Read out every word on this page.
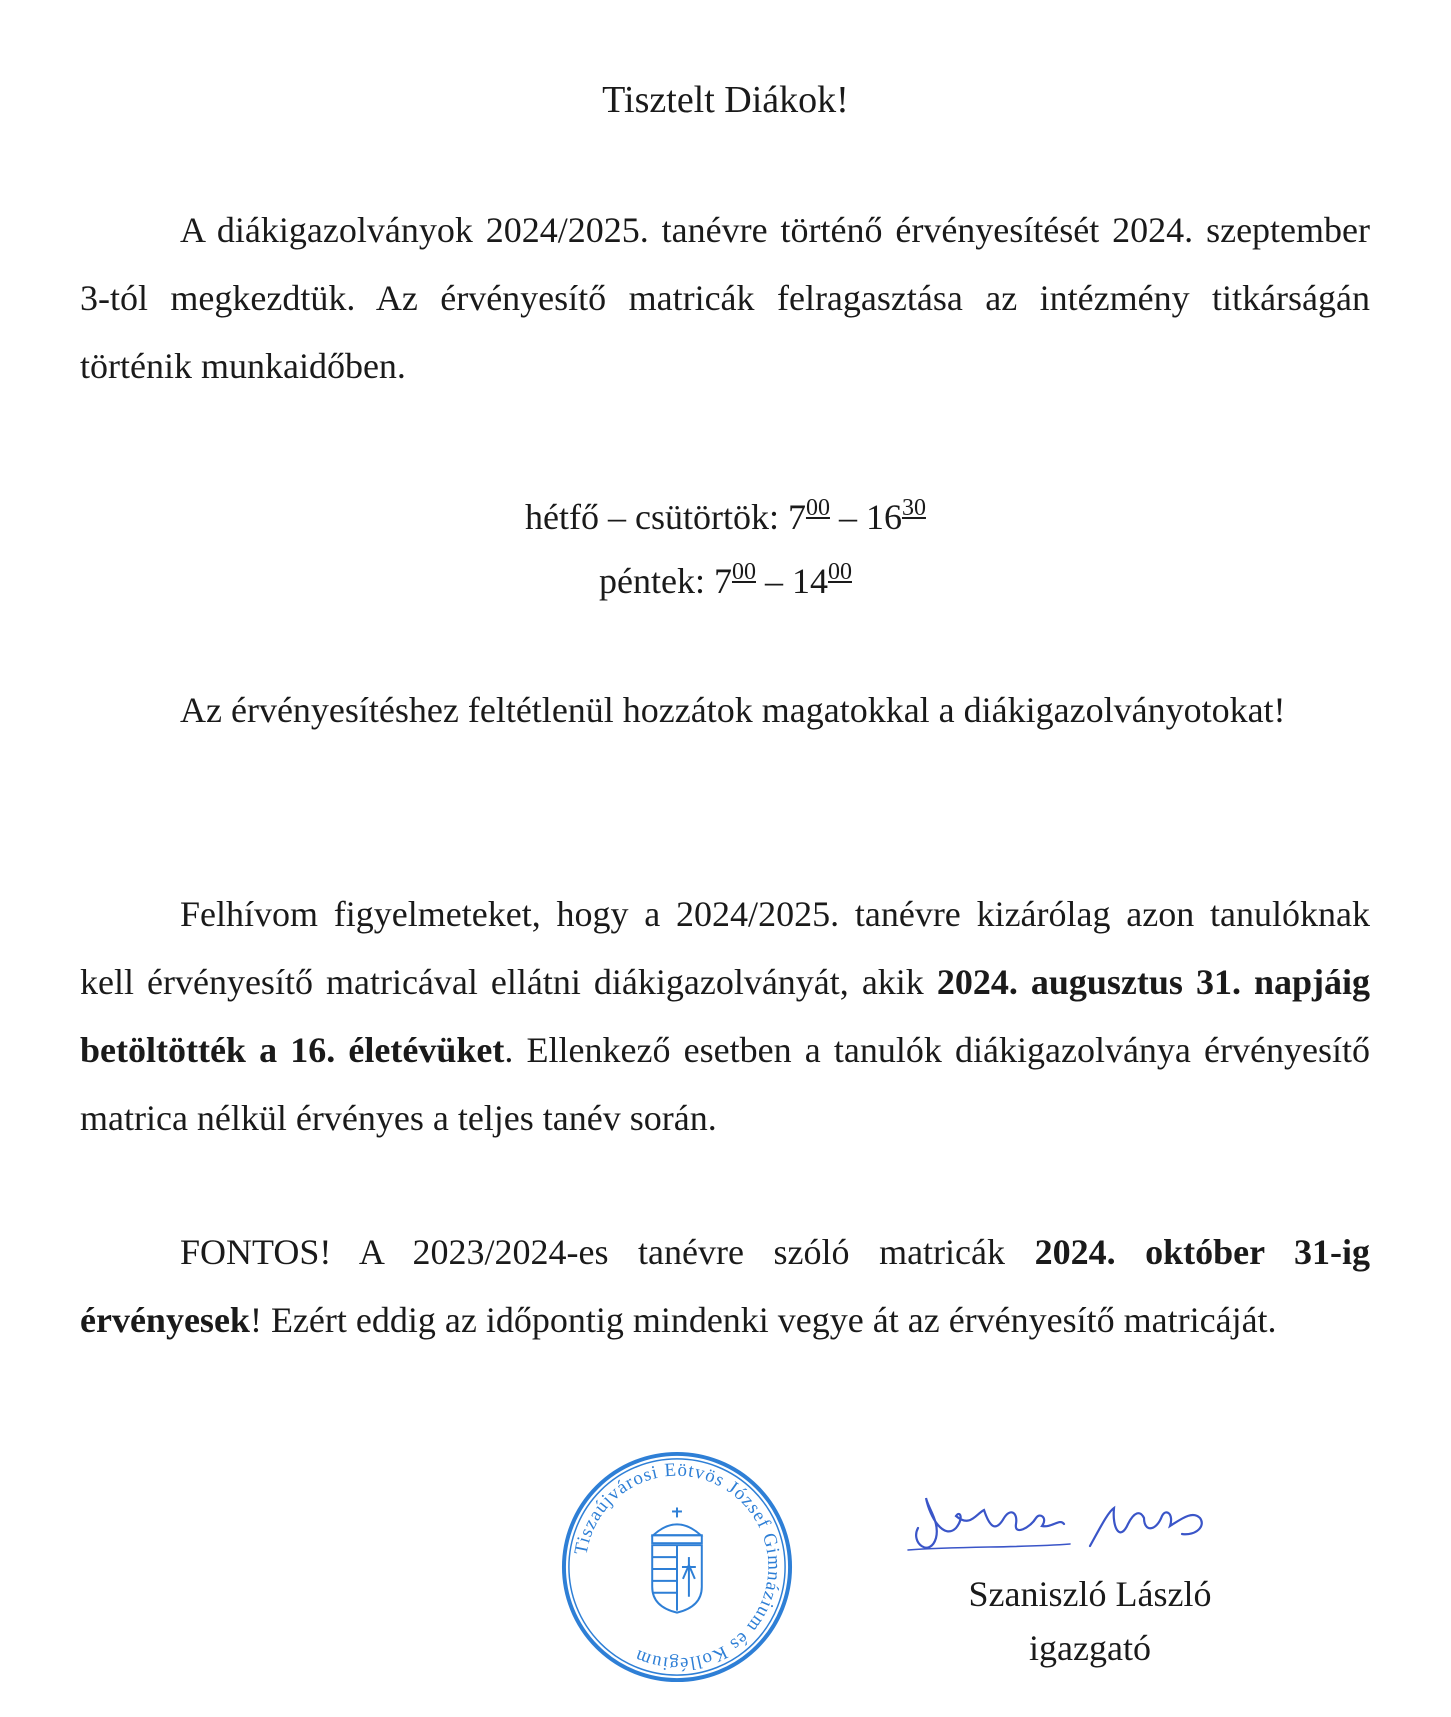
Tisztelt Diákok!
A diákigazolványok 2024/2025. tanévre történő érvényesítését 2024. szeptember 3-tól megkezdtük. Az érvényesítő matricák felragasztása az intézmény titkárságán történik munkaidőben.
hétfő – csütörtök: $7^{00} - 16^{30}$
péntek: $7^{00} - 14^{00}$
Az érvényesítéshez feltétlenül hozzátok magatokkal a diákigazolványotokat!
Felhívom figyelmeteket, hogy a 2024/2025. tanévre kizárólag azon tanulóknak kell érvényesítő matricával ellátni diákigazolványát, akik 2024. augusztus 31. napjáig betöltötték a 16. életévüket. Ellenkező esetben a tanulók diákigazolványa érvényesítő matrica nélkül érvényes a teljes tanév során.
FONTOS! A 2023/2024-es tanévre szóló matricák 2024. október 31-ig érvényesek! Ezért eddig az időpontig mindenki vegye át az érvényesítő matricáját.
Tiszaújvárosi Eötvös József Gimnázium és Kollégium
Szaniszló László
igazgató
